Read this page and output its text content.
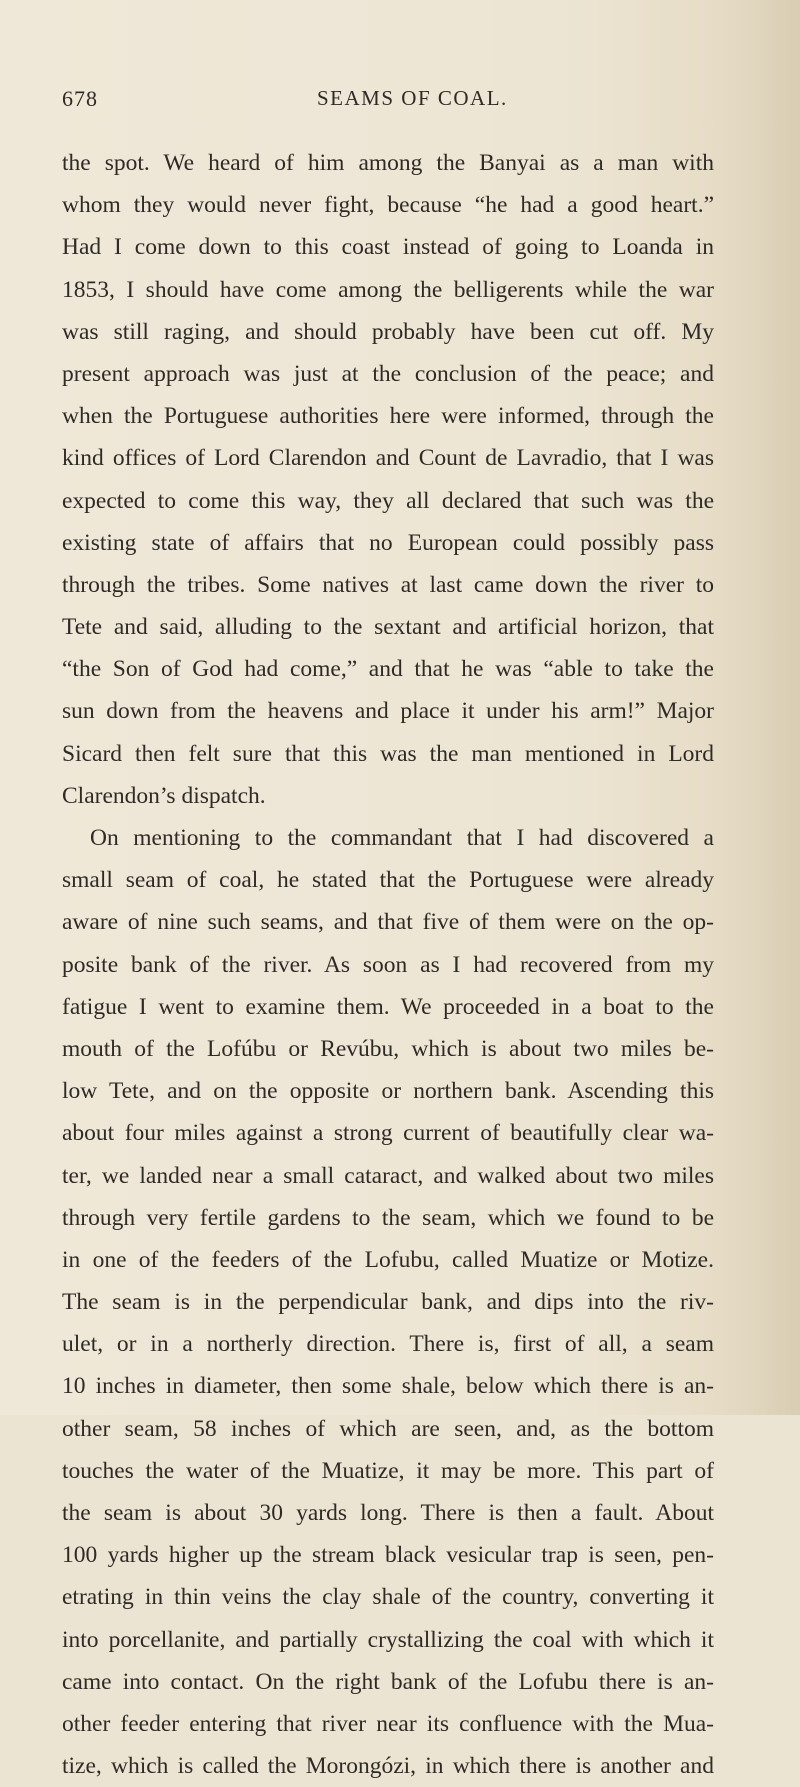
678	SEAMS OF COAL.
the spot. We heard of him among the Banyai as a man with
whom they would never fight, because “he had a good heart.”
Had I come down to this coast instead of going to Loanda in
1853, I should have come among the belligerents while the war
was still raging, and should probably have been cut off. My
present approach was just at the conclusion of the peace; and
when the Portuguese authorities here were informed, through the
kind offices of Lord Clarendon and Count de Lavradio, that I was
expected to come this way, they all declared that such was the
existing state of affairs that no European could possibly pass
through the tribes. Some natives at last came down the river to
Tete and said, alluding to the sextant and artificial horizon, that
“the Son of God had come,” and that he was “able to take the
sun down from the heavens and place it under his arm!” Major
Sicard then felt sure that this was the man mentioned in Lord
Clarendon’s dispatch.
On mentioning to the commandant that I had discovered a
small seam of coal, he stated that the Portuguese were already
aware of nine such seams, and that five of them were on the op-
posite bank of the river. As soon as I had recovered from my
fatigue I went to examine them. We proceeded in a boat to the
mouth of the Lofúbu or Revúbu, which is about two miles be-
low Tete, and on the opposite or northern bank. Ascending this
about four miles against a strong current of beautifully clear wa-
ter, we landed near a small cataract, and walked about two miles
through very fertile gardens to the seam, which we found to be
in one of the feeders of the Lofubu, called Muatize or Motize.
The seam is in the perpendicular bank, and dips into the riv-
ulet, or in a northerly direction. There is, first of all, a seam
10 inches in diameter, then some shale, below which there is an-
other seam, 58 inches of which are seen, and, as the bottom
touches the water of the Muatize, it may be more. This part of
the seam is about 30 yards long. There is then a fault. About
100 yards higher up the stream black vesicular trap is seen, pen-
etrating in thin veins the clay shale of the country, converting it
into porcellanite, and partially crystallizing the coal with which it
came into contact. On the right bank of the Lofubu there is an-
other feeder entering that river near its confluence with the Mua-
tize, which is called the Morongózi, in which there is another and
